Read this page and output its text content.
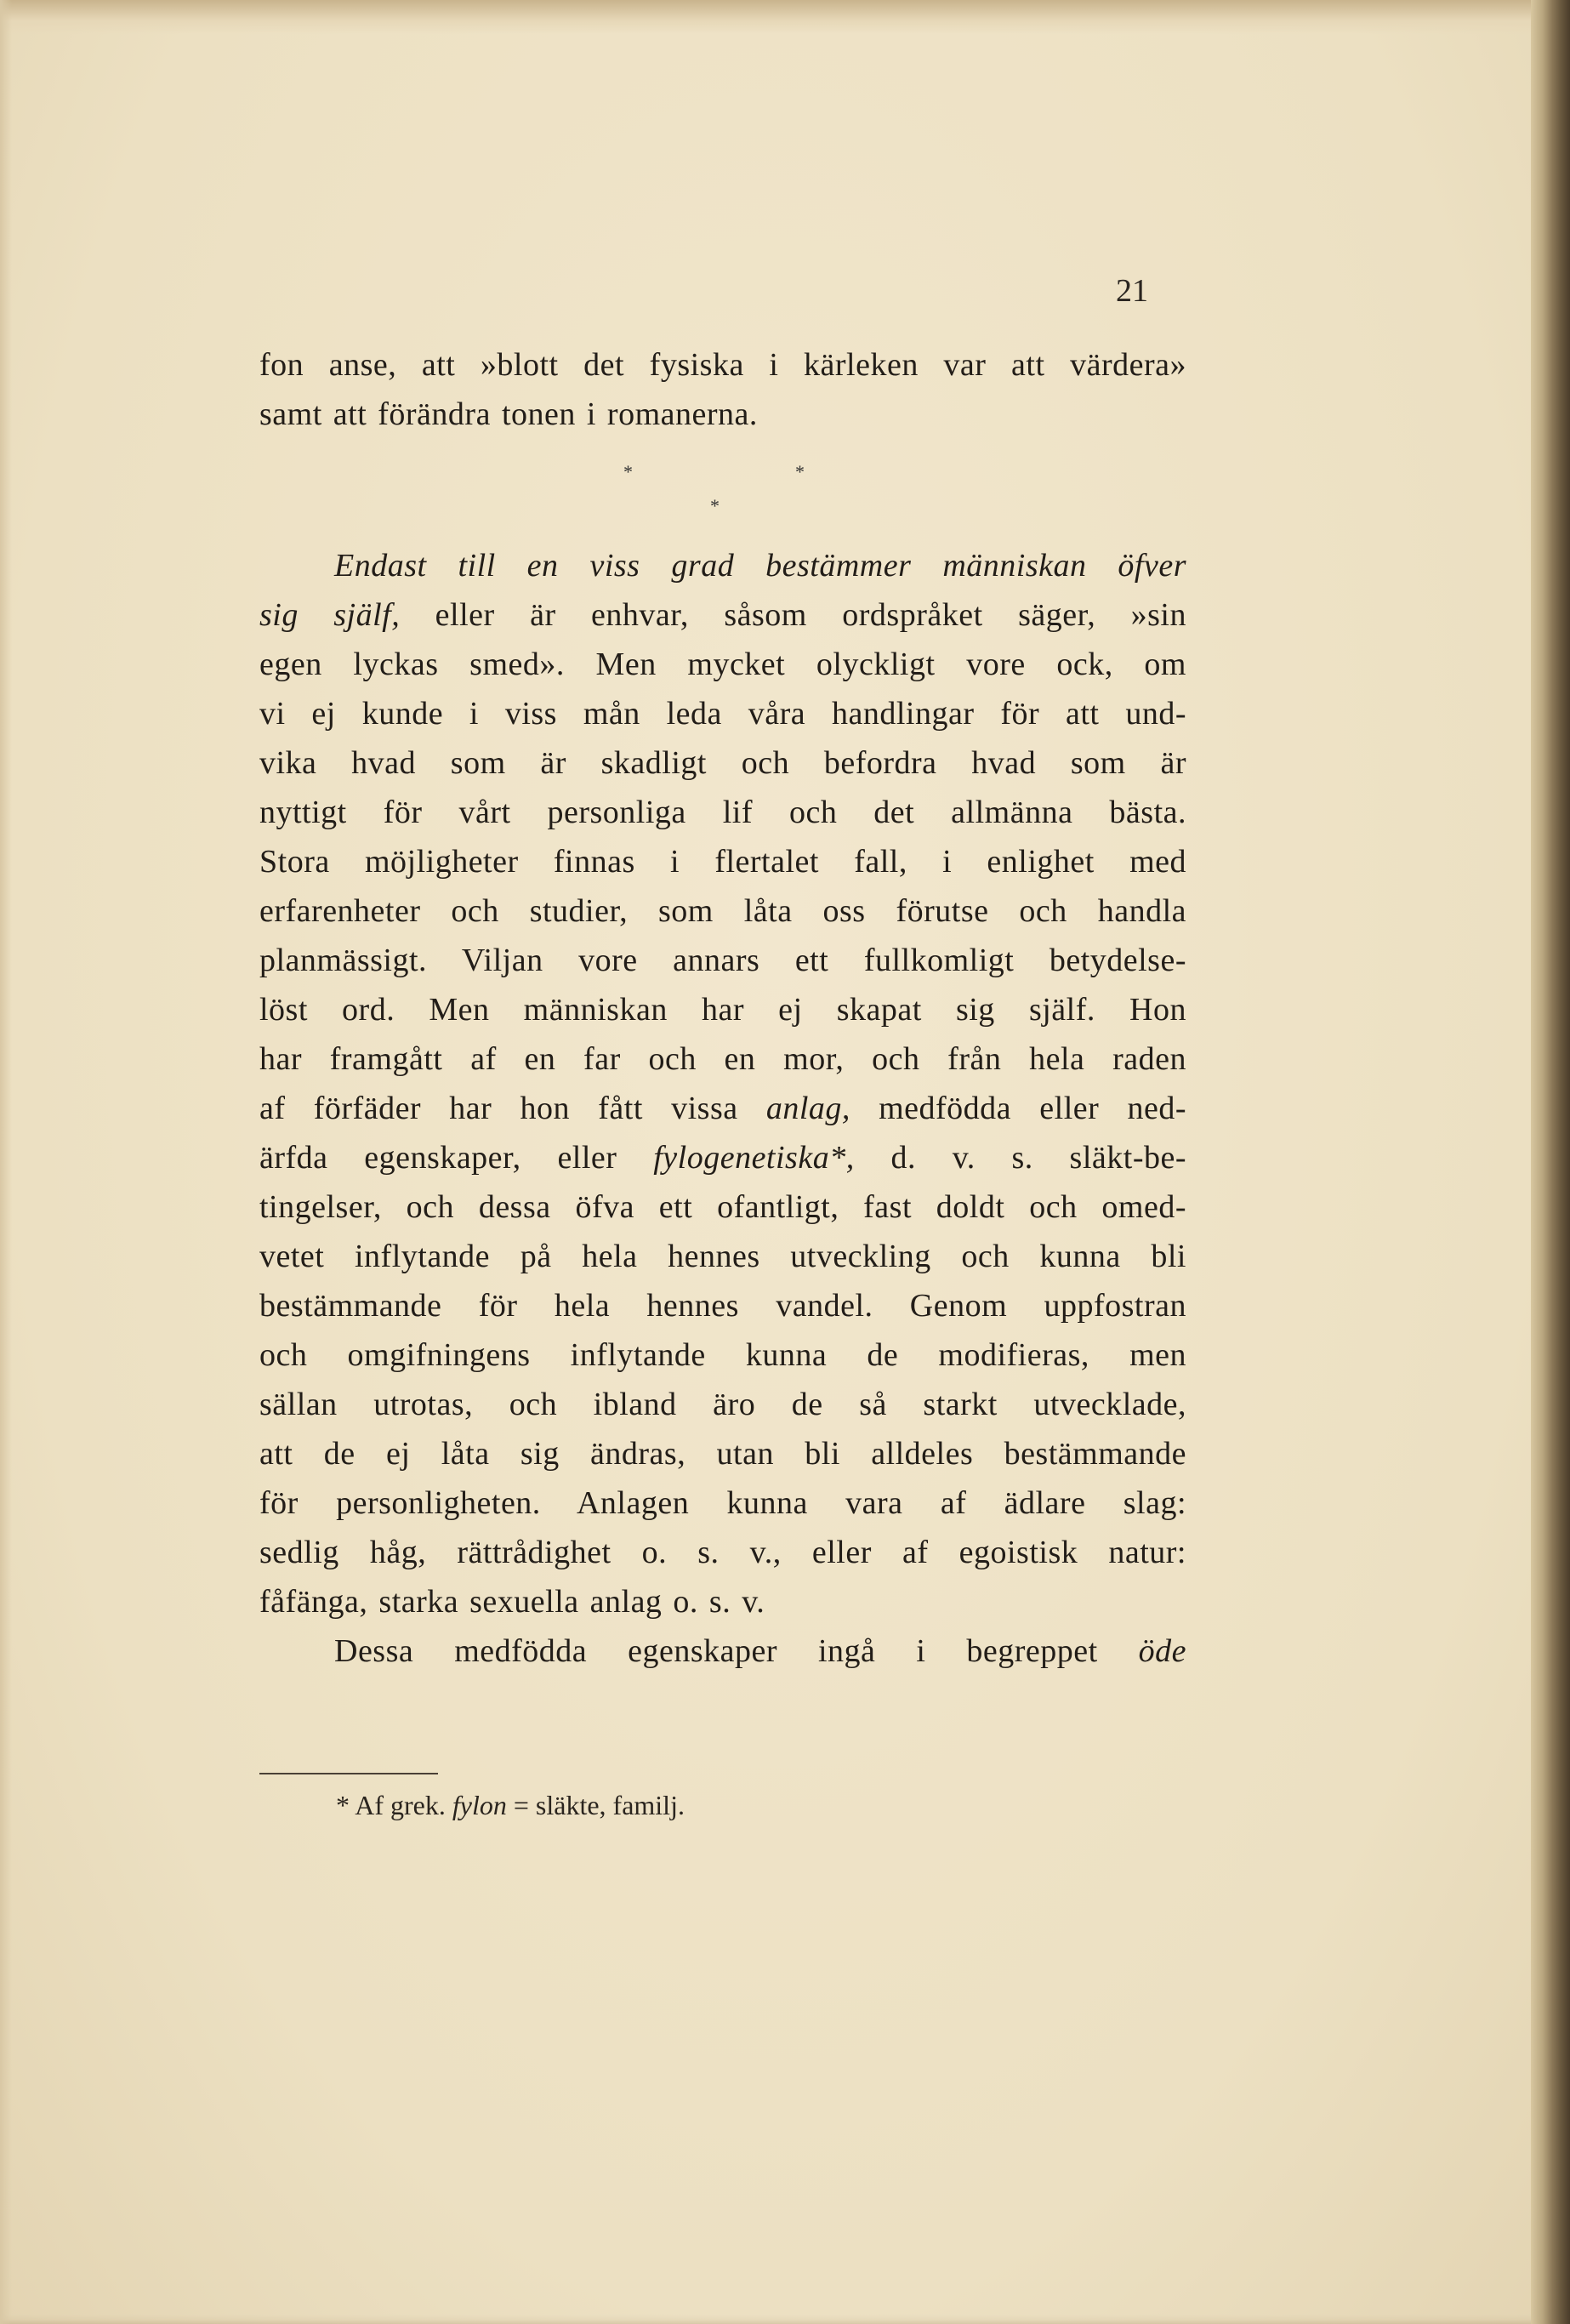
21
fon anse, att »blott det fysiska i kärleken var att värdera»
samt att förändra tonen i romanerna.
*	*
*
Endast till en viss grad bestämmer människan öfver
sig själf, eller är enhvar, såsom ordspråket säger, »sin
egen lyckas smed». Men mycket olyckligt vore ock, om
vi ej kunde i viss mån leda våra handlingar för att und-
vika hvad som är skadligt och befordra hvad som är
nyttigt för vårt personliga lif och det allmänna bästa.
Stora möjligheter finnas i flertalet fall, i enlighet med
erfarenheter och studier, som låta oss förutse och handla
planmässigt. Viljan vore annars ett fullkomligt betydelse-
löst ord. Men människan har ej skapat sig själf. Hon
har framgått af en far och en mor, och från hela raden
af förfäder har hon fått vissa anlag, medfödda eller ned-
ärfda egenskaper, eller fylogenetiska*, d. v. s. släkt-be-
tingelser, och dessa öfva ett ofantligt, fast doldt och omed-
vetet inflytande på hela hennes utveckling och kunna bli
bestämmande för hela hennes vandel. Genom uppfostran
och omgifningens inflytande kunna de modifieras, men
sällan utrotas, och ibland äro de så starkt utvecklade,
att de ej låta sig ändras, utan bli alldeles bestämmande
för personligheten. Anlagen kunna vara af ädlare slag:
sedlig håg, rättrådighet o. s. v., eller af egoistisk natur:
fåfänga, starka sexuella anlag o. s. v.
Dessa medfödda egenskaper ingå i begreppet öde
* Af grek. fylon = släkte, familj.
